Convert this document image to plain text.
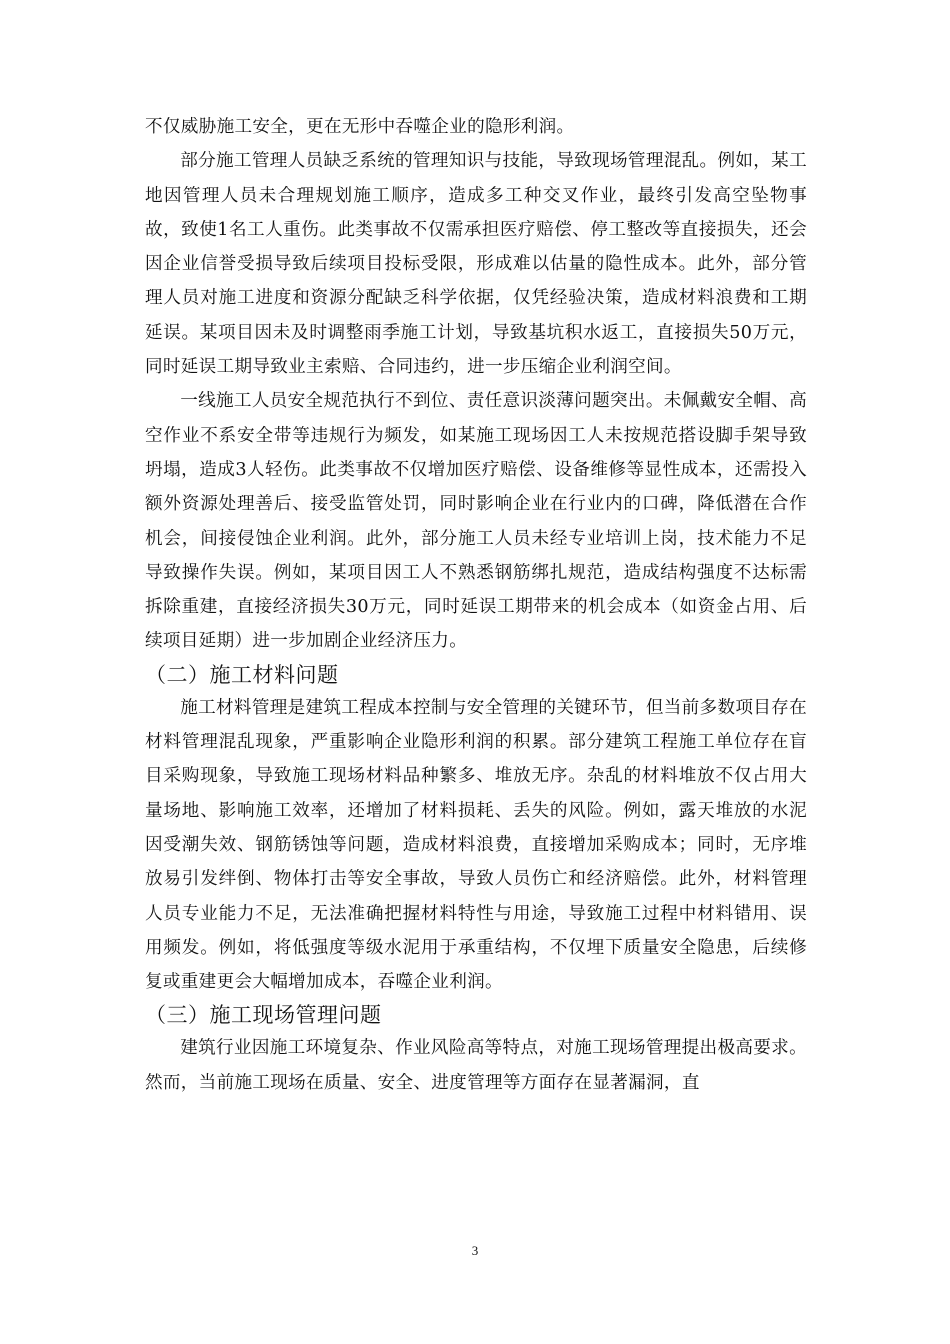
不仅威胁施工安全，更在无形中吞噬企业的隐形利润。

部分施工管理人员缺乏系统的管理知识与技能，导致现场管理混乱。例如，某工地因管理人员未合理规划施工顺序，造成多工种交叉作业，最终引发高空坠物事故，致使1名工人重伤。此类事故不仅需承担医疗赔偿、停工整改等直接损失，还会因企业信誉受损导致后续项目投标受限，形成难以估量的隐性成本。此外，部分管理人员对施工进度和资源分配缺乏科学依据，仅凭经验决策，造成材料浪费和工期延误。某项目因未及时调整雨季施工计划，导致基坑积水返工，直接损失50万元，同时延误工期导致业主索赔、合同违约，进一步压缩企业利润空间。

一线施工人员安全规范执行不到位、责任意识淡薄问题突出。未佩戴安全帽、高空作业不系安全带等违规行为频发，如某施工现场因工人未按规范搭设脚手架导致坍塌，造成3人轻伤。此类事故不仅增加医疗赔偿、设备维修等显性成本，还需投入额外资源处理善后、接受监管处罚，同时影响企业在行业内的口碑，降低潜在合作机会，间接侵蚀企业利润。此外，部分施工人员未经专业培训上岗，技术能力不足导致操作失误。例如，某项目因工人不熟悉钢筋绑扎规范，造成结构强度不达标需拆除重建，直接经济损失30万元，同时延误工期带来的机会成本（如资金占用、后续项目延期）进一步加剧企业经济压力。

（二）施工材料问题

施工材料管理是建筑工程成本控制与安全管理的关键环节，但当前多数项目存在材料管理混乱现象，严重影响企业隐形利润的积累。部分建筑工程施工单位存在盲目采购现象，导致施工现场材料品种繁多、堆放无序。杂乱的材料堆放不仅占用大量场地、影响施工效率，还增加了材料损耗、丢失的风险。例如，露天堆放的水泥因受潮失效、钢筋锈蚀等问题，造成材料浪费，直接增加采购成本；同时，无序堆放易引发绊倒、物体打击等安全事故，导致人员伤亡和经济赔偿。此外，材料管理人员专业能力不足，无法准确把握材料特性与用途，导致施工过程中材料错用、误用频发。例如，将低强度等级水泥用于承重结构，不仅埋下质量安全隐患，后续修复或重建更会大幅增加成本，吞噬企业利润。

（三）施工现场管理问题

建筑行业因施工环境复杂、作业风险高等特点，对施工现场管理提出极高要求。然而，当前施工现场在质量、安全、进度管理等方面存在显著漏洞，直

3
